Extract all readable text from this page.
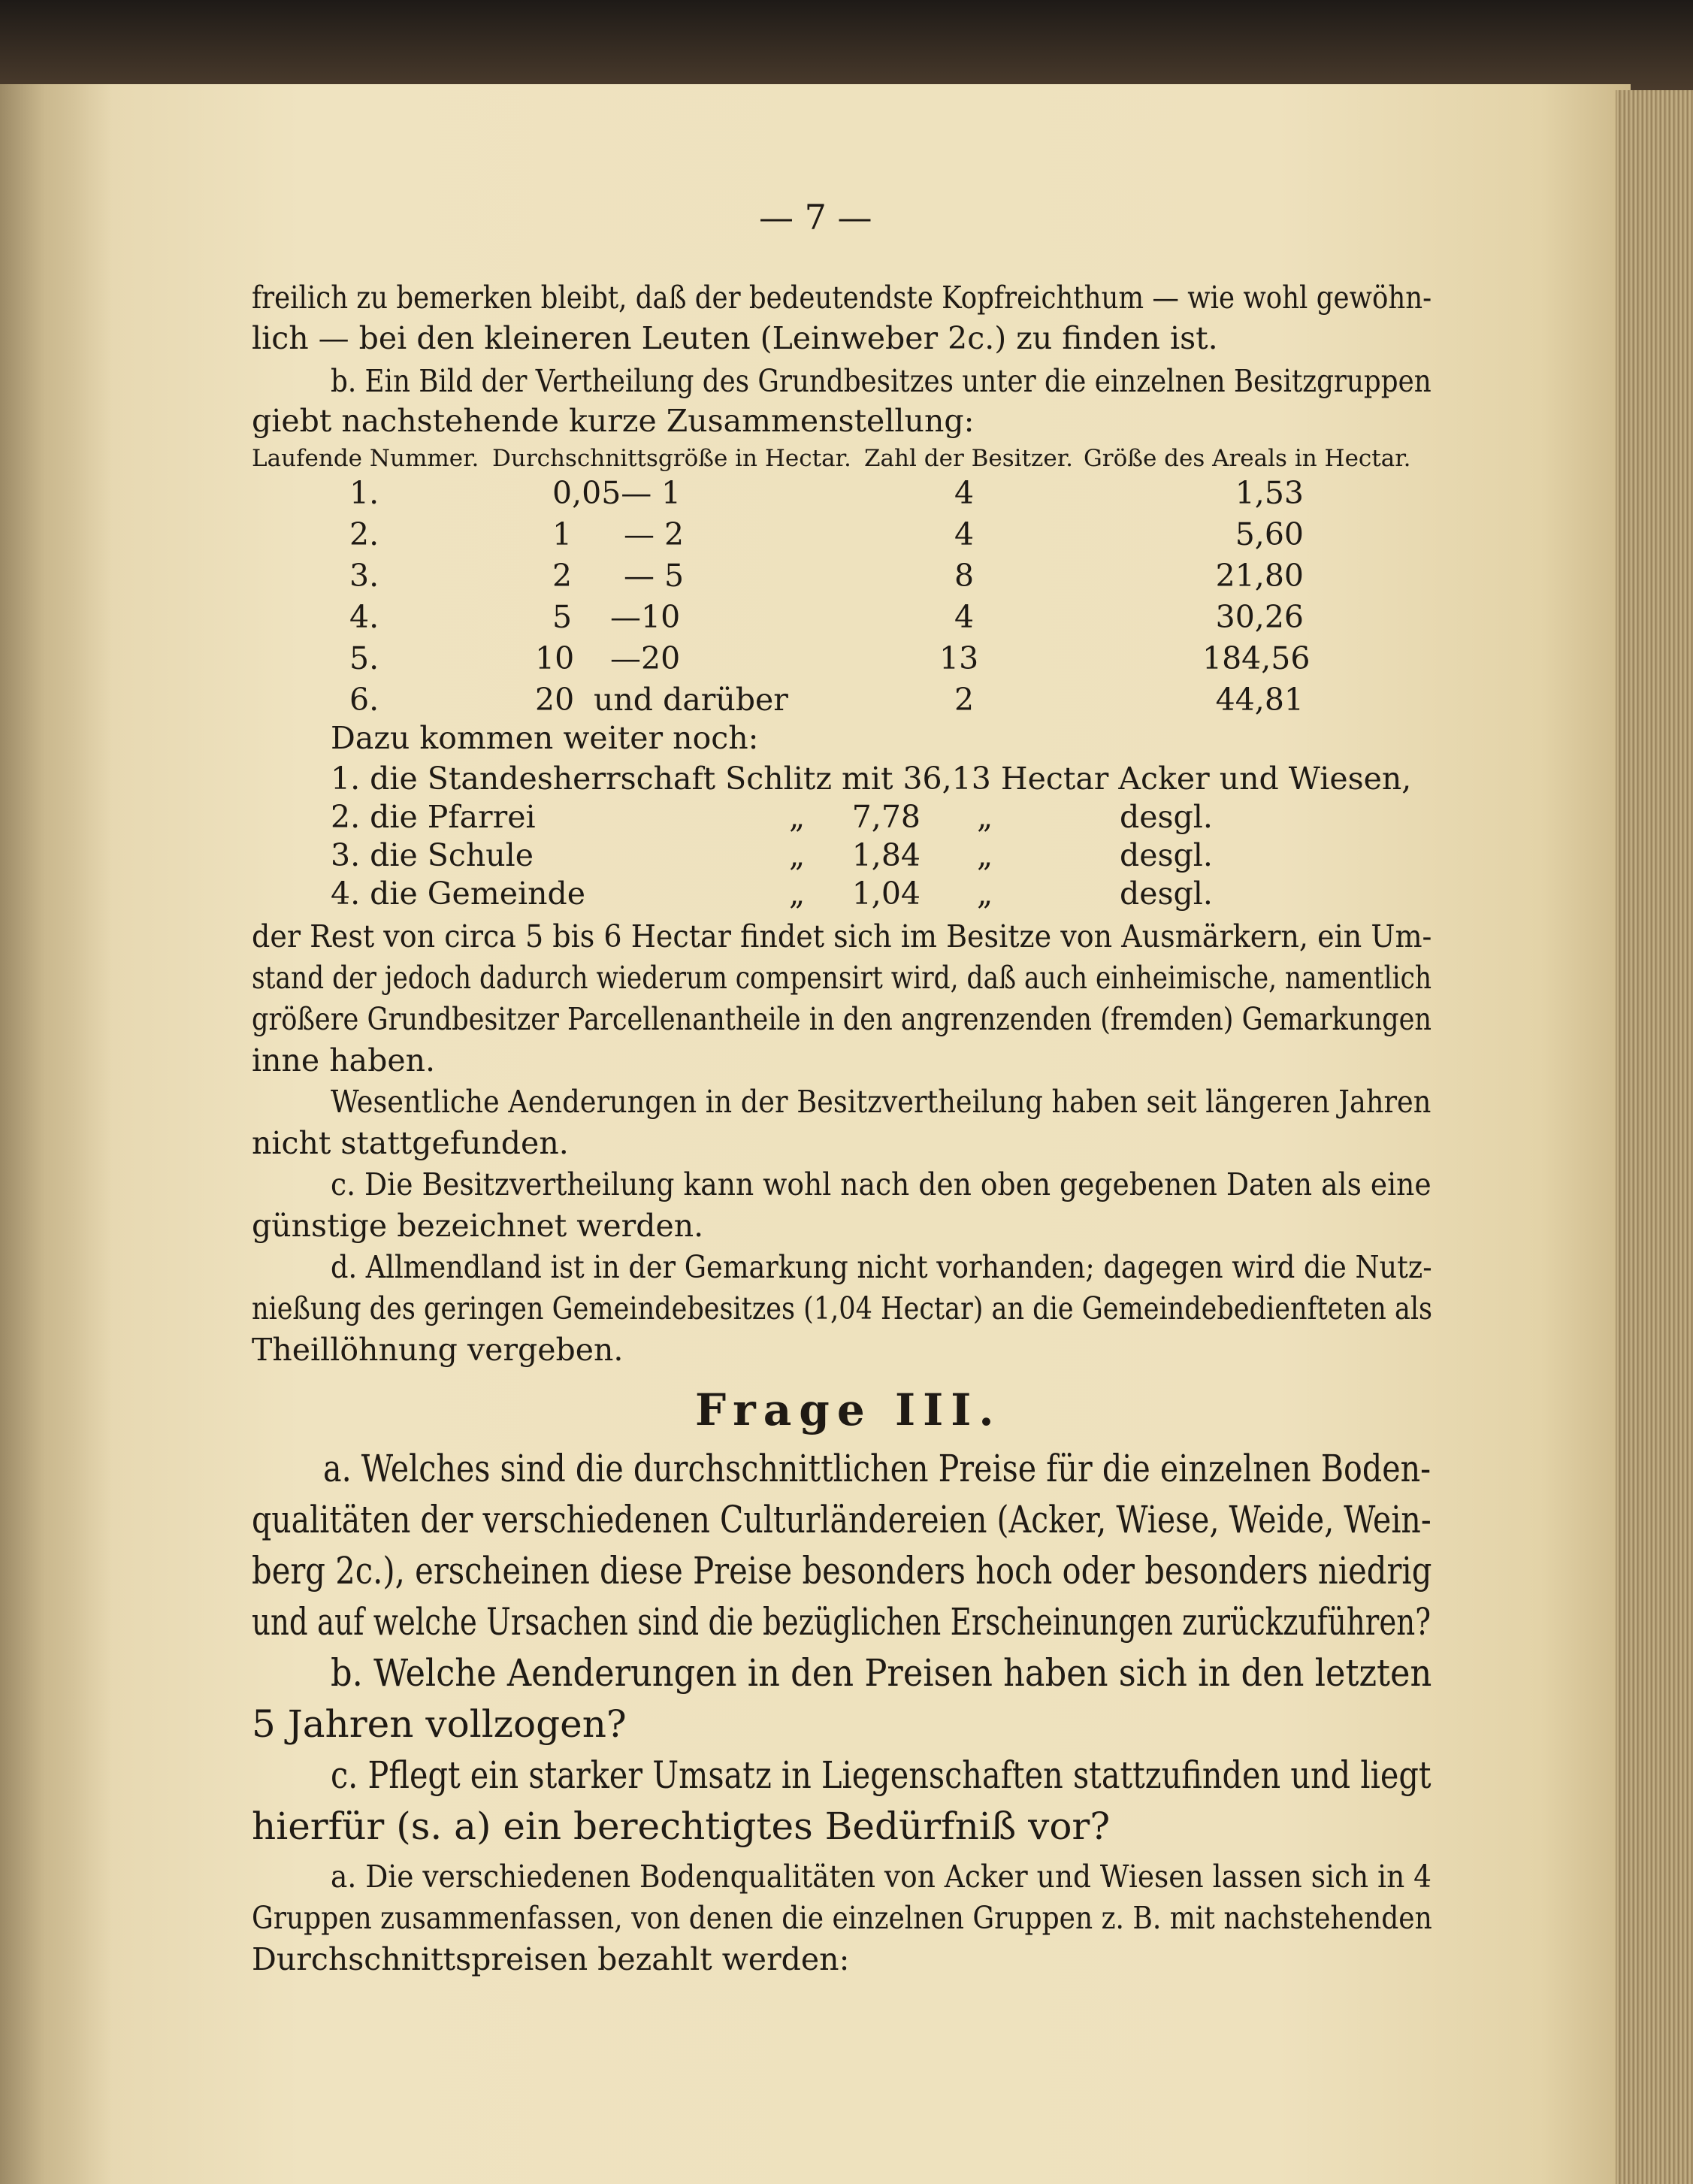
— 7 —
freilich zu bemerken bleibt, daß der bedeutendste Kopfreichthum — wie wohl gewöhn-
lich — bei den kleineren Leuten (Leinweber 2c.) zu finden ist.
b. Ein Bild der Vertheilung des Grundbesitzes unter die einzelnen Besitzgruppen
giebt nachstehende kurze Zusammenstellung:
Laufende Nummer. Durchschnittsgröße in Hectar. Zahl der Besitzer. Größe des Areals in Hectar.
1.	0,05— 1	4	1,53
2.	1 — 2	4	5,60
3.	2 — 5	8	21,80
4.	5 —10	4	30,26
5.	10 —20	13	184,56
6.	20 und darüber	2	44,81
Dazu kommen weiter noch:
1. die Standesherrschaft Schlitz mit 36,13 Hectar Acker und Wiesen,
2. die Pfarrei	„	7,78 „	desgl.
3. die Schule	„	1,84 „	desgl.
4. die Gemeinde	„	1,04 „	desgl.
der Rest von circa 5 bis 6 Hectar findet sich im Besitze von Ausmärkern, ein Um-
stand der jedoch dadurch wiederum compensirt wird, daß auch einheimische, namentlich
größere Grundbesitzer Parcellenantheile in den angrenzenden (fremden) Gemarkungen
inne haben.
Wesentliche Aenderungen in der Besitzvertheilung haben seit längeren Jahren
nicht stattgefunden.
c. Die Besitzvertheilung kann wohl nach den oben gegebenen Daten als eine
günstige bezeichnet werden.
d. Allmendland ist in der Gemarkung nicht vorhanden; dagegen wird die Nutz-
nießung des geringen Gemeindebesitzes (1,04 Hectar) an die Gemeindebedienfteten als
Theillöhnung vergeben.
Frage III.
a. Welches sind die durchschnittlichen Preise für die einzelnen Boden-
qualitäten der verschiedenen Culturländereien (Acker, Wiese, Weide, Wein-
berg 2c.), erscheinen diese Preise besonders hoch oder besonders niedrig
und auf welche Ursachen sind die bezüglichen Erscheinungen zurückzuführen?
b. Welche Aenderungen in den Preisen haben sich in den letzten
5 Jahren vollzogen?
c. Pflegt ein starker Umsatz in Liegenschaften stattzufinden und liegt
hierfür (s. a) ein berechtigtes Bedürfniß vor?
a. Die verschiedenen Bodenqualitäten von Acker und Wiesen lassen sich in 4
Gruppen zusammenfassen, von denen die einzelnen Gruppen z. B. mit nachstehenden
Durchschnittspreisen bezahlt werden:
